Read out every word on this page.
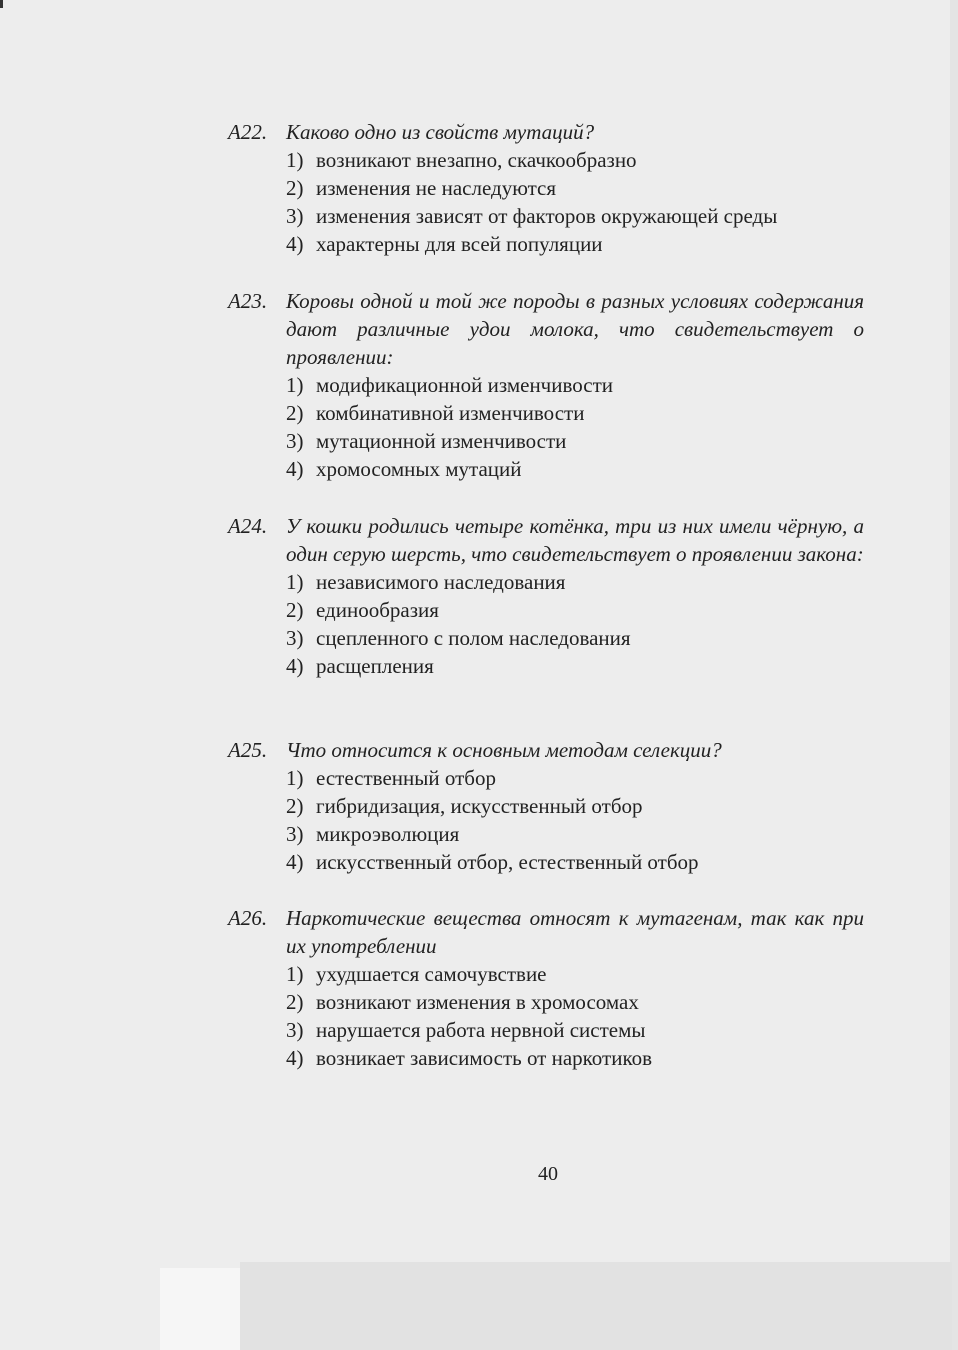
А22. Каково одно из свойств мутаций?
1) возникают внезапно, скачкообразно
2) изменения не наследуются
3) изменения зависят от факторов окружающей среды
4) характерны для всей популяции
А23. Коровы одной и той же породы в разных условиях содержания дают различные удои молока, что свидетельствует о проявлении:
1) модификационной изменчивости
2) комбинативной изменчивости
3) мутационной изменчивости
4) хромосомных мутаций
А24. У кошки родились четыре котёнка, три из них имели чёрную, а один серую шерсть, что свидетельствует о проявлении закона:
1) независимого наследования
2) единообразия
3) сцепленного с полом наследования
4) расщепления
А25. Что относится к основным методам селекции?
1) естественный отбор
2) гибридизация, искусственный отбор
3) микроэволюция
4) искусственный отбор, естественный отбор
А26. Наркотические вещества относят к мутагенам, так как при их употреблении
1) ухудшается самочувствие
2) возникают изменения в хромосомах
3) нарушается работа нервной системы
4) возникает зависимость от наркотиков
40
